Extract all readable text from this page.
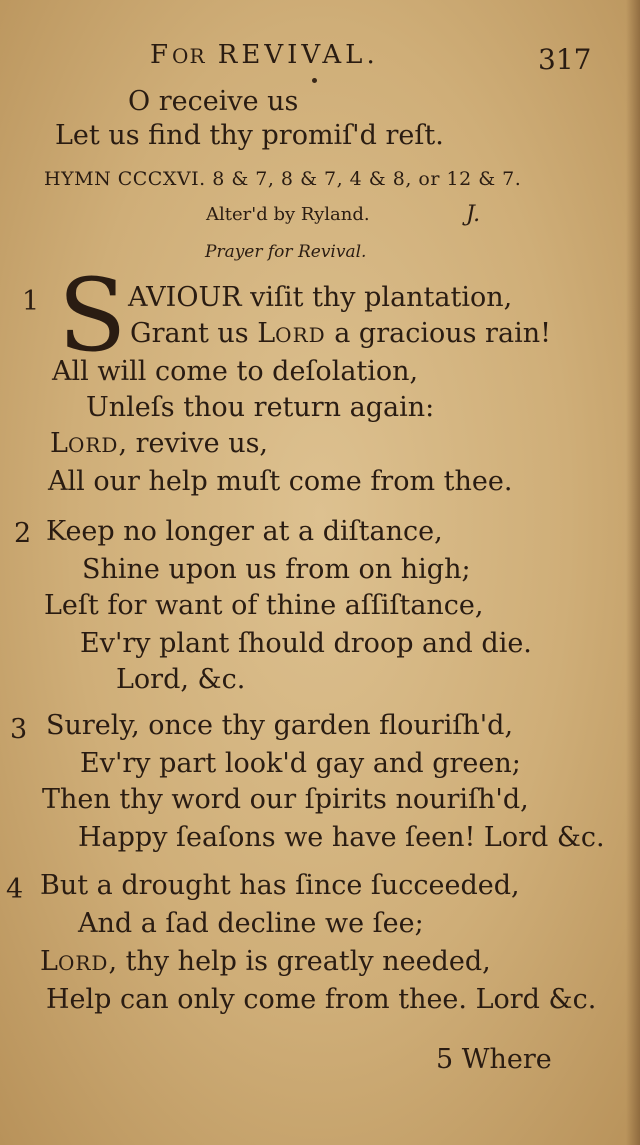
FOR REVIVAL.	317
O receive us
Let us find thy promiſ'd reſt.
HYMN CCCXVI. 8 & 7, 8 & 7, 4 & 8, or 12 & 7.
Alter'd by Ryland.	J.
Prayer for Revival.
1 S AVIOUR viſit thy plantation,
Grant us LORD a gracious rain!
All will come to deſolation,
Unleſs thou return again:
LORD, revive us,
All our help muſt come from thee.
2 Keep no longer at a diſtance,
Shine upon us from on high;
Leſt for want of thine aſſiſtance,
Ev'ry plant ſhould droop and die.
Lord, &c.
3 Surely, once thy garden flouriſh'd,
Ev'ry part look'd gay and green;
Then thy word our ſpirits nouriſh'd,
Happy ſeaſons we have ſeen! Lord &c.
4 But a drought has ſince ſucceeded,
And a ſad decline we ſee;
LORD, thy help is greatly needed,
Help can only come from thee. Lord &c.
5 Where
